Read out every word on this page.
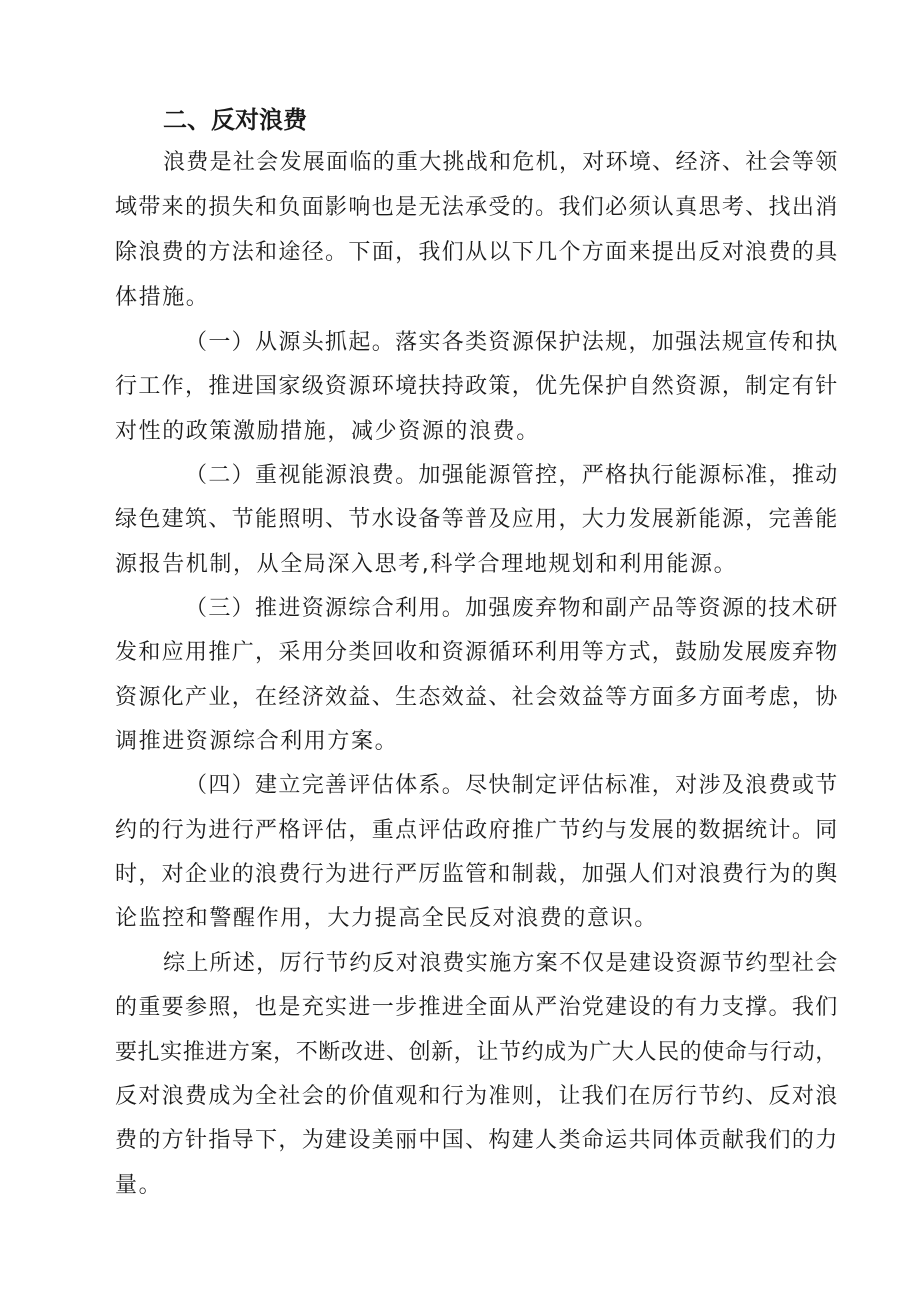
二、反对浪费

浪费是社会发展面临的重大挑战和危机，对环境、经济、社会等领

域带来的损失和负面影响也是无法承受的。我们必须认真思考、找出消

除浪费的方法和途径。下面，我们从以下几个方面来提出反对浪费的具

体措施。

（一）从源头抓起。落实各类资源保护法规，加强法规宣传和执

行工作，推进国家级资源环境扶持政策，优先保护自然资源，制定有针

对性的政策激励措施，减少资源的浪费。

（二）重视能源浪费。加强能源管控，严格执行能源标准，推动

绿色建筑、节能照明、节水设备等普及应用，大力发展新能源，完善能

源报告机制，从全局深入思考,科学合理地规划和利用能源。

（三）推进资源综合利用。加强废弃物和副产品等资源的技术研

发和应用推广，采用分类回收和资源循环利用等方式，鼓励发展废弃物

资源化产业，在经济效益、生态效益、社会效益等方面多方面考虑，协

调推进资源综合利用方案。

（四）建立完善评估体系。尽快制定评估标准，对涉及浪费或节

约的行为进行严格评估，重点评估政府推广节约与发展的数据统计。同

时，对企业的浪费行为进行严厉监管和制裁，加强人们对浪费行为的舆

论监控和警醒作用，大力提高全民反对浪费的意识。

综上所述，厉行节约反对浪费实施方案不仅是建设资源节约型社会

的重要参照，也是充实进一步推进全面从严治党建设的有力支撑。我们

要扎实推进方案，不断改进、创新，让节约成为广大人民的使命与行动，

反对浪费成为全社会的价值观和行为准则，让我们在厉行节约、反对浪

费的方针指导下，为建设美丽中国、构建人类命运共同体贡献我们的力

量。
